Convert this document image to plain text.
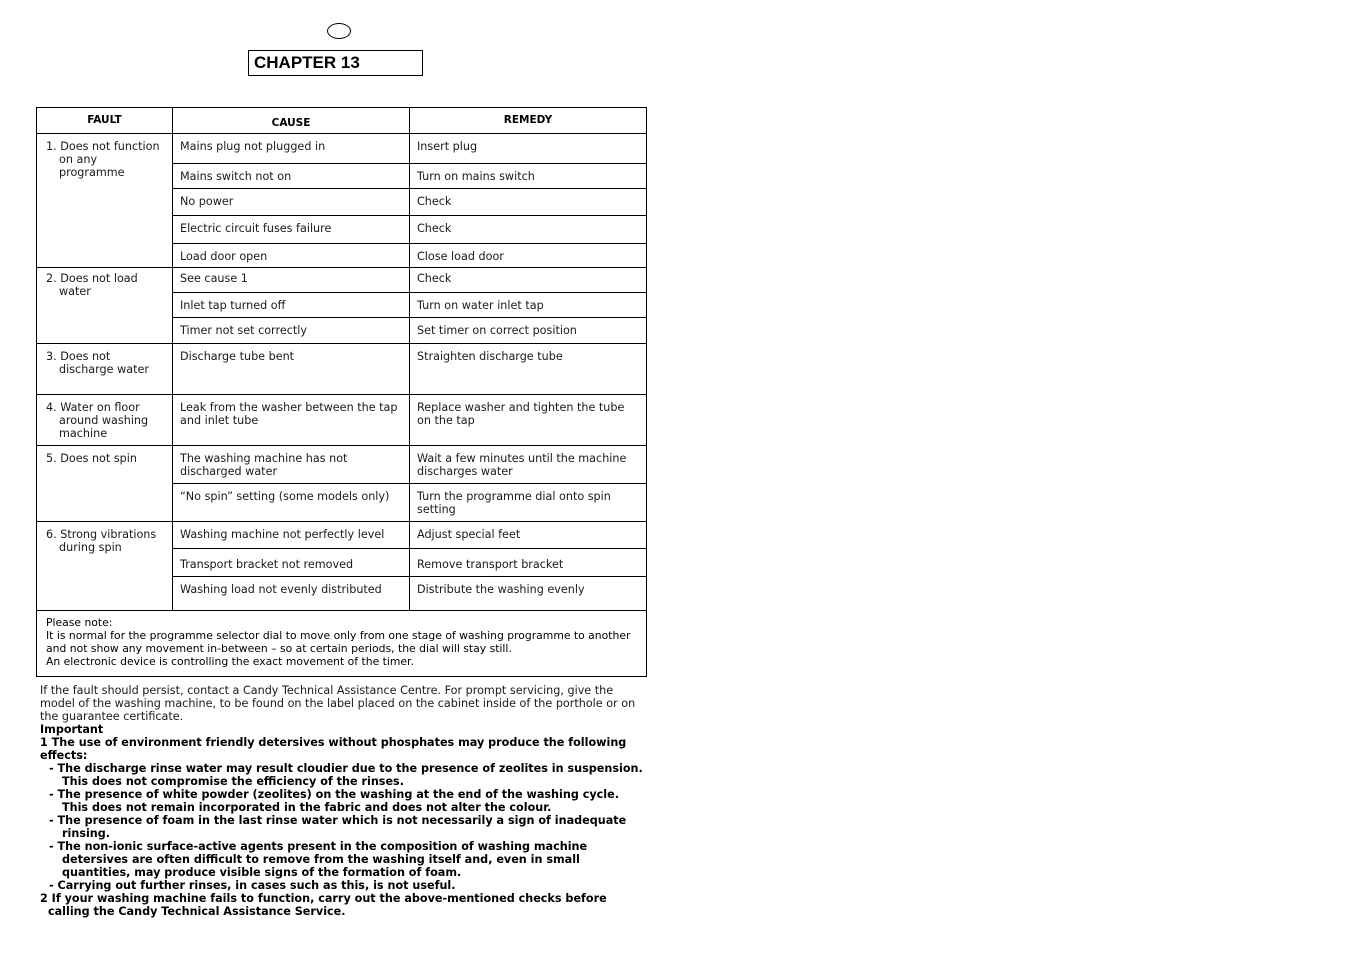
CHAPTER 13
FAULT	CAUSE	REMEDY

1. Does not function on any programme	Mains plug not plugged in	Insert plug
	Mains switch not on	Turn on mains switch
	No power	Check
	Electric circuit fuses failure	Check
	Load door open	Close load door

2. Does not load water	See cause 1	Check
	Inlet tap turned off	Turn on water inlet tap
	Timer not set correctly	Set timer on correct position

3. Does not discharge water	Discharge tube bent	Straighten discharge tube

4. Water on floor around washing machine	Leak from the washer between the tap and inlet tube	Replace washer and tighten the tube on the tap

5. Does not spin	The washing machine has not discharged water	Wait a few minutes until the machine discharges water
	“No spin” setting (some models only)	Turn the programme dial onto spin setting

6. Strong vibrations during spin	Washing machine not perfectly level	Adjust special feet
	Transport bracket not removed	Remove transport bracket
	Washing load not evenly distributed	Distribute the washing evenly

Please note:
It is normal for the programme selector dial to move only from one stage of washing programme to another and not show any movement in-between – so at certain periods, the dial will stay still.
An electronic device is controlling the exact movement of the timer.		

If the fault should persist, contact a Candy Technical Assistance Centre. For prompt servicing, give the model of the washing machine, to be found on the label placed on the cabinet inside of the porthole or on the guarantee certificate.

Important

1 The use of environment friendly detersives without phosphates may produce the following effects:

- The discharge rinse water may result cloudier due to the presence of zeolites in suspension. This does not compromise the efficiency of the rinses.

- The presence of white powder (zeolites) on the washing at the end of the washing cycle. This does not remain incorporated in the fabric and does not alter the colour.

- The presence of foam in the last rinse water which is not necessarily a sign of inadequate rinsing.

- The non-ionic surface-active agents present in the composition of washing machine detersives are often difficult to remove from the washing itself and, even in small quantities, may produce visible signs of the formation of foam.

- Carrying out further rinses, in cases such as this, is not useful.

2 If your washing machine fails to function, carry out the above-mentioned checks before calling the Candy Technical Assistance Service.
